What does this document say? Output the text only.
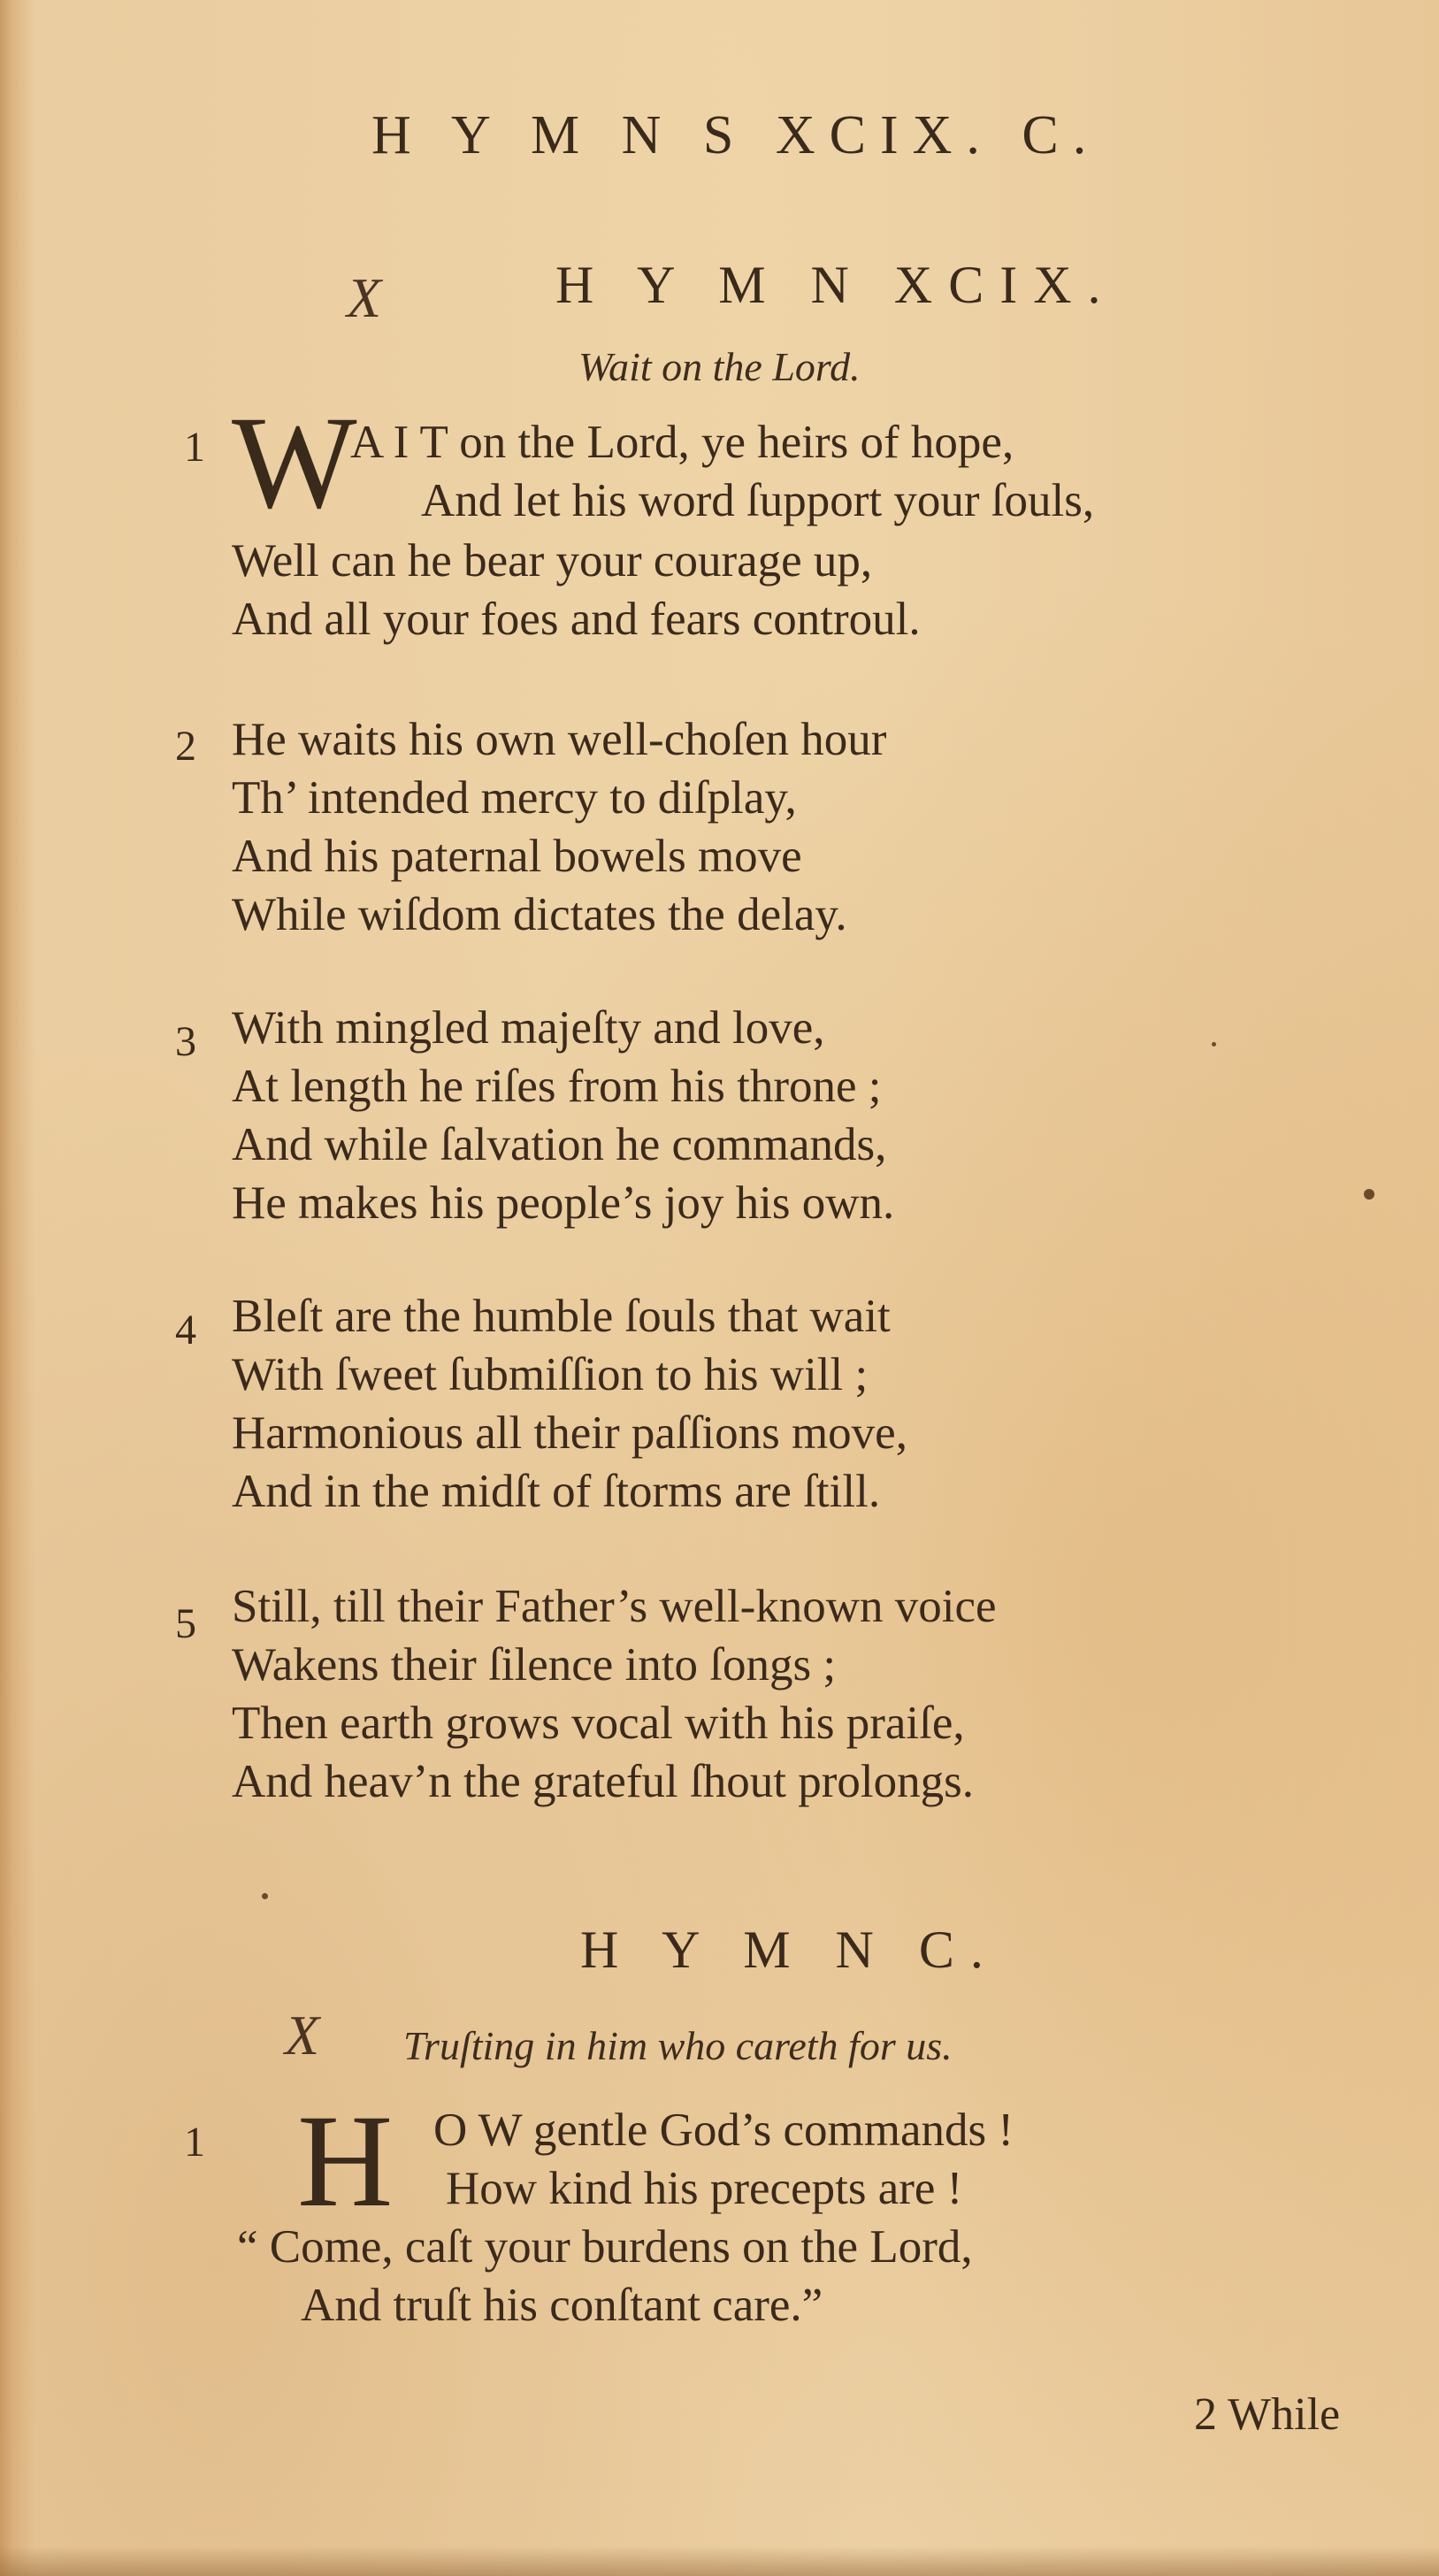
H Y M N S XCIX. C.
X	H Y M N XCIX.
Wait on the Lord.
1 W
A I T on the Lord, ye heirs of hope,
And let his word ſupport your ſouls,
Well can he bear your courage up,
And all your foes and fears controul.
2 He waits his own well-choſen hour
Th’ intended mercy to diſplay,
And his paternal bowels move
While wiſdom dictates the delay.
3 With mingled majeſty and love,
At length he riſes from his throne ;
And while ſalvation he commands,
He makes his people’s joy his own.
4 Bleſt are the humble ſouls that wait
With ſweet ſubmiſſion to his will ;
Harmonious all their paſſions move,
And in the midſt of ſtorms are ſtill.
5 Still, till their Father’s well-known voice
Wakens their ſilence into ſongs ;
Then earth grows vocal with his praiſe,
And heav’n the grateful ſhout prolongs.
H Y M N C.
X Truſting in him who careth for us.
1 H O W gentle God’s commands !
How kind his precepts are !
“ Come, caſt your burdens on the Lord,
And truſt his conſtant care.”
2 While
